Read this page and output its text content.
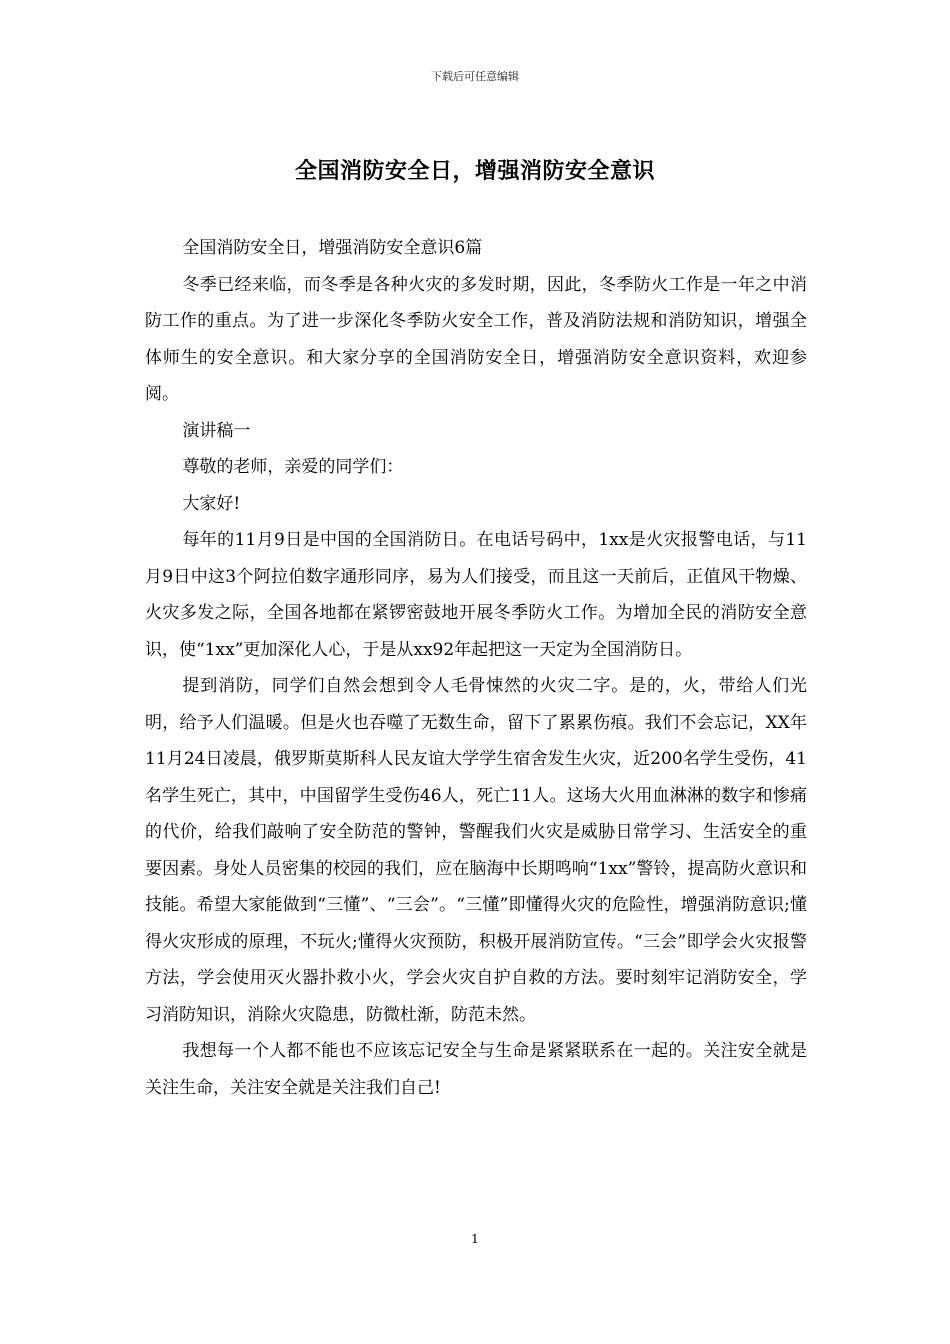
下载后可任意编辑
全国消防安全日，增强消防安全意识

全国消防安全日，增强消防安全意识6篇

冬季已经来临，而冬季是各种火灾的多发时期，因此，冬季防火工作是一年之中消防工作的重点。为了进一步深化冬季防火安全工作，普及消防法规和消防知识，增强全体师生的安全意识。和大家分享的全国消防安全日，增强消防安全意识资料，欢迎参阅。

演讲稿一

尊敬的老师，亲爱的同学们：

大家好!

每年的11月9日是中国的全国消防日。在电话号码中，1xx是火灾报警电话，与11月9日中这3个阿拉伯数字通形同序，易为人们接受，而且这一天前后，正值风干物燥、火灾多发之际，全国各地都在紧锣密鼓地开展冬季防火工作。为增加全民的消防安全意识，使“1xx”更加深化人心，于是从xx92年起把这一天定为全国消防日。

提到消防，同学们自然会想到令人毛骨悚然的火灾二字。是的，火，带给人们光明，给予人们温暖。但是火也吞噬了无数生命，留下了累累伤痕。我们不会忘记，XX年11月24日凌晨，俄罗斯莫斯科人民友谊大学学生宿舍发生火灾，近200名学生受伤，41名学生死亡，其中，中国留学生受伤46人，死亡11人。这场大火用血淋淋的数字和惨痛的代价，给我们敲响了安全防范的警钟，警醒我们火灾是威胁日常学习、生活安全的重要因素。身处人员密集的校园的我们，应在脑海中长期鸣响“1xx”警铃，提高防火意识和技能。希望大家能做到“三懂”、“三会”。“三懂”即懂得火灾的危险性，增强消防意识;懂得火灾形成的原理，不玩火;懂得火灾预防，积极开展消防宣传。“三会”即学会火灾报警方法，学会使用灭火器扑救小火，学会火灾自护自救的方法。要时刻牢记消防安全，学习消防知识，消除火灾隐患，防微杜渐，防范未然。

我想每一个人都不能也不应该忘记安全与生命是紧紧联系在一起的。关注安全就是关注生命，关注安全就是关注我们自己!

1
